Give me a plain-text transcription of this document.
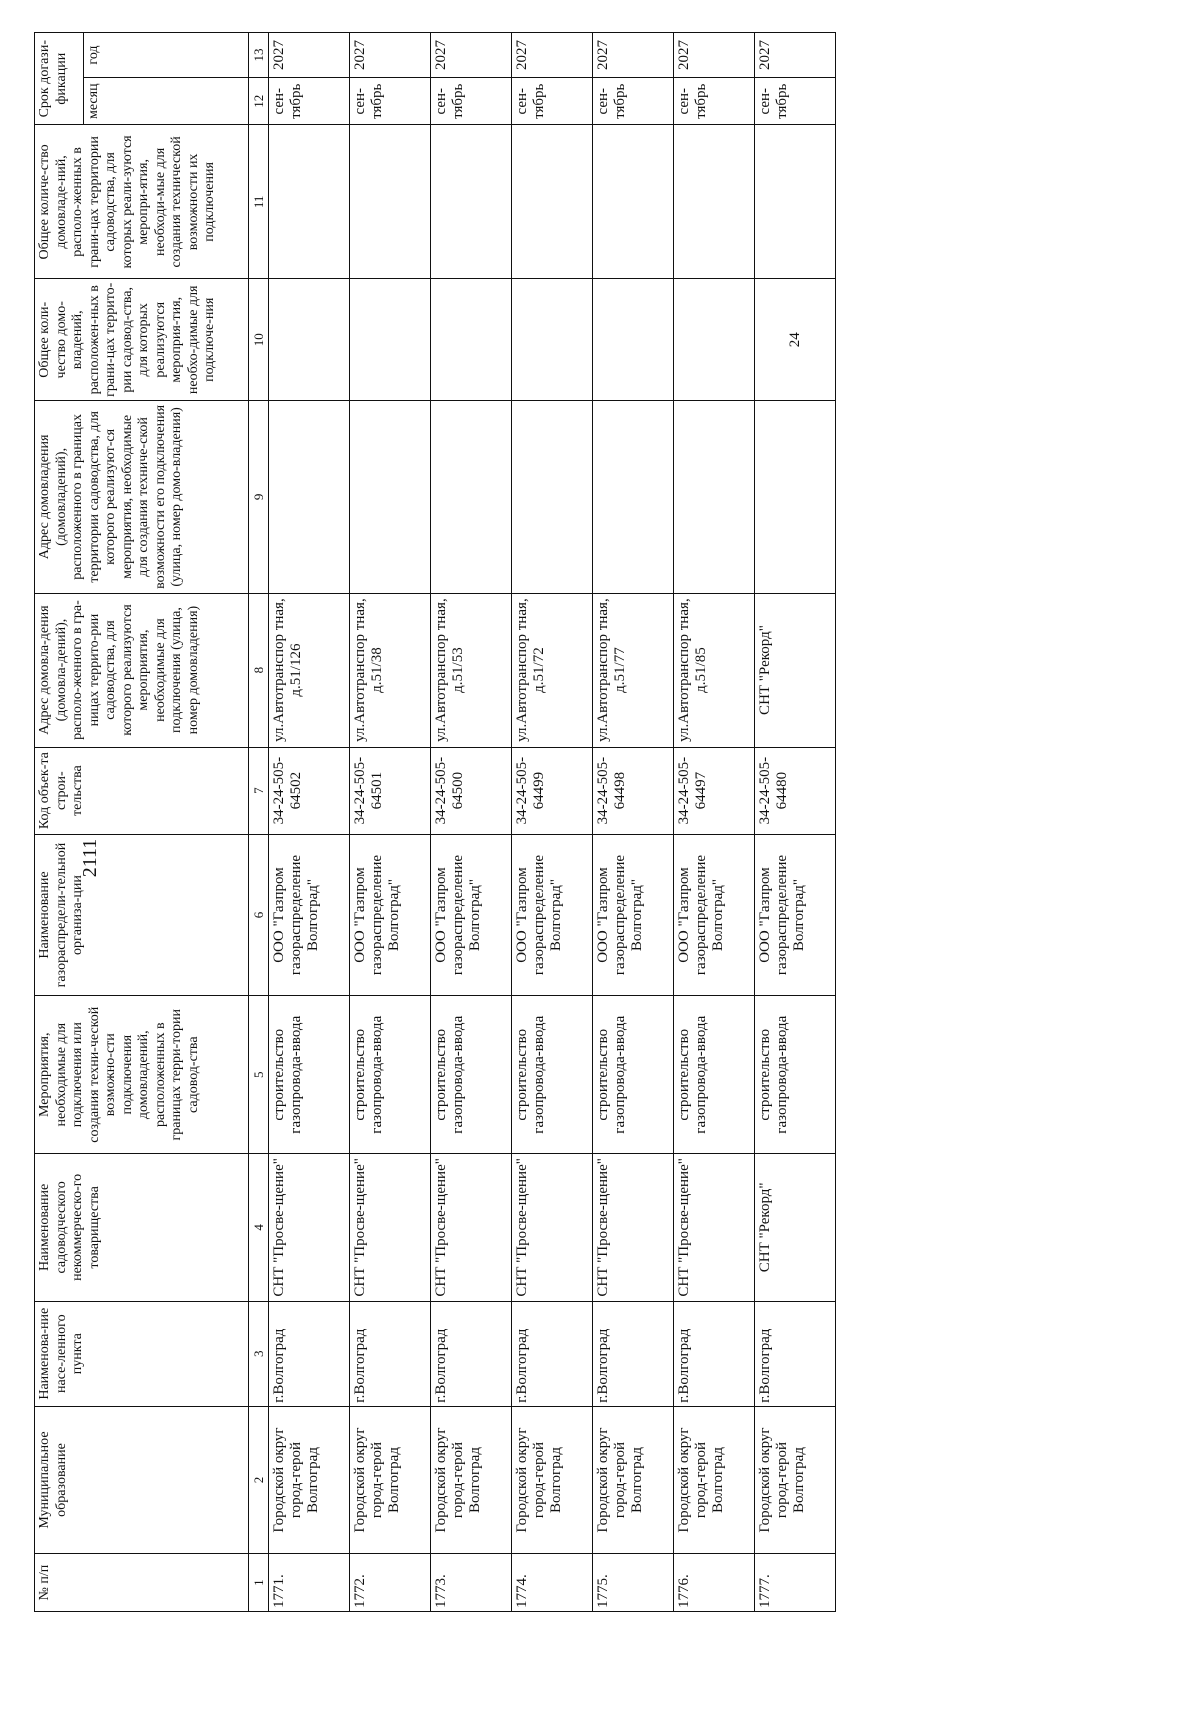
2111
№ п/п	Муниципальное образование	Наименова-ние насе-ленного пункта	Наименование садоводческого некоммерческо-го товарищества	Мероприятия, необходимые для подключения или создания техни-ческой возможно-сти подключения домовладений, расположенных в границах терри-тории садовод-ства	Наименование газораспредели-тельной организа-ции	Код объек-та строи-тельства	Адрес домовла-дения (домовла-дений), располо-женного в гра-ницах террито-рии садоводства, для которого реализуются мероприятия, необходимые для подключения (улица, номер домовладения)	Адрес домовладения (домовладений), расположенного в границах территории садоводства, для которого реализуют-ся мероприятия, необходимые для создания техниче-ской возможности его подключения (улица, номер домо-владения)	Общее коли-чество домо-владений, расположен-ных в грани-цах террито-рии садовод-ства, для которых реализуются мероприя-тия, необхо-димые для подключе-ния	Общее количе-ство домовладе-ний, располо-женных в грани-цах территории садоводства, для которых реали-зуются меропри-ятия, необходи-мые для создания технической возможности их подключения	Срок догази-фикации	
											месяц	год
1	2	3	4	5	6	7	8	9	10	11	12	13
1771.	Городской округ город-герой Волгоград	г.Волгоград	СНТ "Просве-щение"	строительство газопровода-ввода	ООО "Газпром газораспределение Волгоград"	34-24-505-64502	ул.Автотранспор тная, д.51/126				сен-тябрь	2027
1772.	Городской округ город-герой Волгоград	г.Волгоград	СНТ "Просве-щение"	строительство газопровода-ввода	ООО "Газпром газораспределение Волгоград"	34-24-505-64501	ул.Автотранспор тная, д.51/38				сен-тябрь	2027
1773.	Городской округ город-герой Волгоград	г.Волгоград	СНТ "Просве-щение"	строительство газопровода-ввода	ООО "Газпром газораспределение Волгоград"	34-24-505-64500	ул.Автотранспор тная, д.51/53				сен-тябрь	2027
1774.	Городской округ город-герой Волгоград	г.Волгоград	СНТ "Просве-щение"	строительство газопровода-ввода	ООО "Газпром газораспределение Волгоград"	34-24-505-64499	ул.Автотранспор тная, д.51/72				сен-тябрь	2027
1775.	Городской округ город-герой Волгоград	г.Волгоград	СНТ "Просве-щение"	строительство газопровода-ввода	ООО "Газпром газораспределение Волгоград"	34-24-505-64498	ул.Автотранспор тная, д.51/77				сен-тябрь	2027
1776.	Городской округ город-герой Волгоград	г.Волгоград	СНТ "Просве-щение"	строительство газопровода-ввода	ООО "Газпром газораспределение Волгоград"	34-24-505-64497	ул.Автотранспор тная, д.51/85				сен-тябрь	2027
1777.	Городской округ город-герой Волгоград	г.Волгоград	СНТ "Рекорд"	строительство газопровода-ввода	ООО "Газпром газораспределение Волгоград"	34-24-505-64480	СНТ "Рекорд"		24		сен-тябрь	2027
